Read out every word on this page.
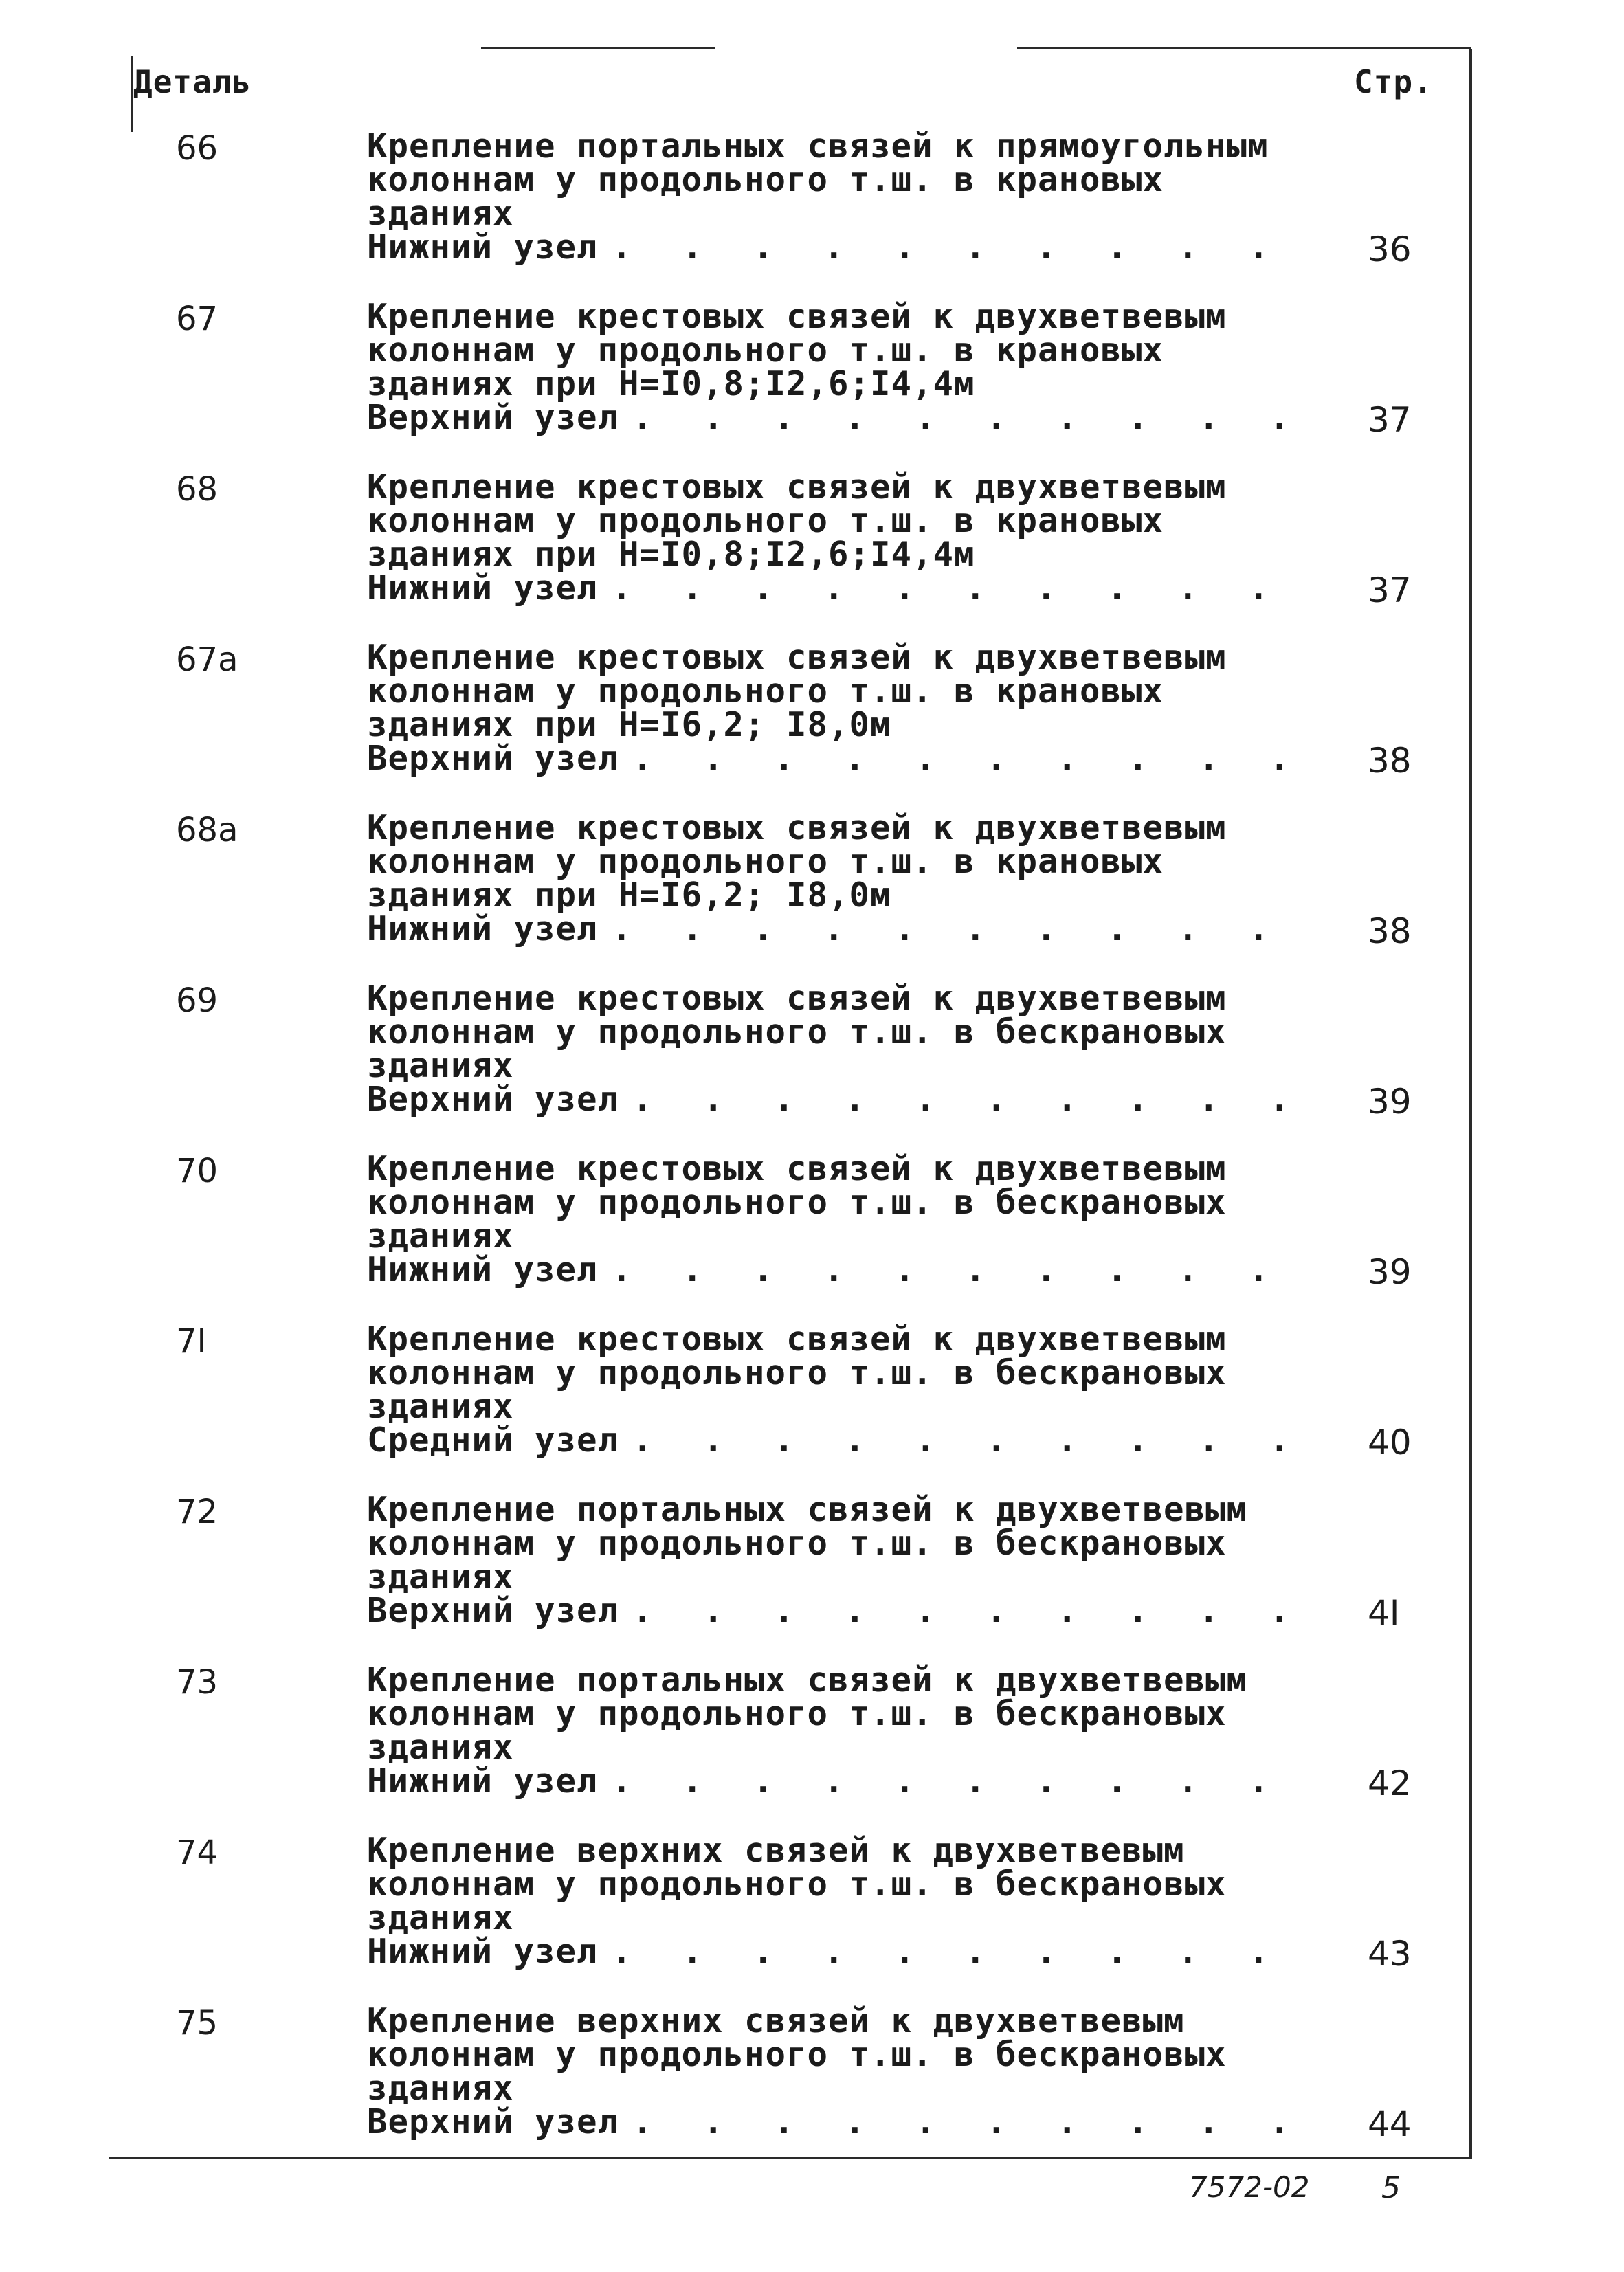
Деталь	Стр.
66	Крепление портальных связей к прямоугольным
колоннам у продольного т.ш. в крановых
зданиях
Нижний узел . . .	36
67	Крепление крестовых связей к двухветвевым
колоннам у продольного т.ш. в крановых
зданиях при Н=I0,8;I2,6;I4,4м
Верхний узел . . .	37
68	Крепление крестовых связей к двухветвевым
колоннам у продольного т.ш. в крановых
зданиях при Н=I0,8;I2,6;I4,4м
Нижний узел . . .	37
67а	Крепление крестовых связей к двухветвевым
колоннам у продольного т.ш. в крановых
зданиях при Н=I6,2; I8,0м
Верхний узел . . .	38
68а	Крепление крестовых связей к двухветвевым
колоннам у продольного т.ш. в крановых
зданиях при Н=I6,2; I8,0м
Нижний узел . . .	38
69	Крепление крестовых связей к двухветвевым
колоннам у продольного т.ш. в бескрановых
зданиях
Верхний узел . . .	39
70	Крепление крестовых связей к двухветвевым
колоннам у продольного т.ш. в бескрановых
зданиях
Нижний узел . . .	39
7I	Крепление крестовых связей к двухветвевым
колоннам у продольного т.ш. в бескрановых
зданиях
Средний узел . . .	40
72	Крепление портальных связей к двухветвевым
колоннам у продольного т.ш. в бескрановых
зданиях
Верхний узел . . .	4I
73	Крепление портальных связей к двухветвевым
колоннам у продольного т.ш. в бескрановых
зданиях
Нижний узел . . .	42
74	Крепление верхних связей к двухветвевым
колоннам у продольного т.ш. в бескрановых
зданиях
Нижний узел . . .	43
75	Крепление верхних связей к двухветвевым
колоннам у продольного т.ш. в бескрановых
зданиях
Верхний узел . . .	44
7572-02 5
